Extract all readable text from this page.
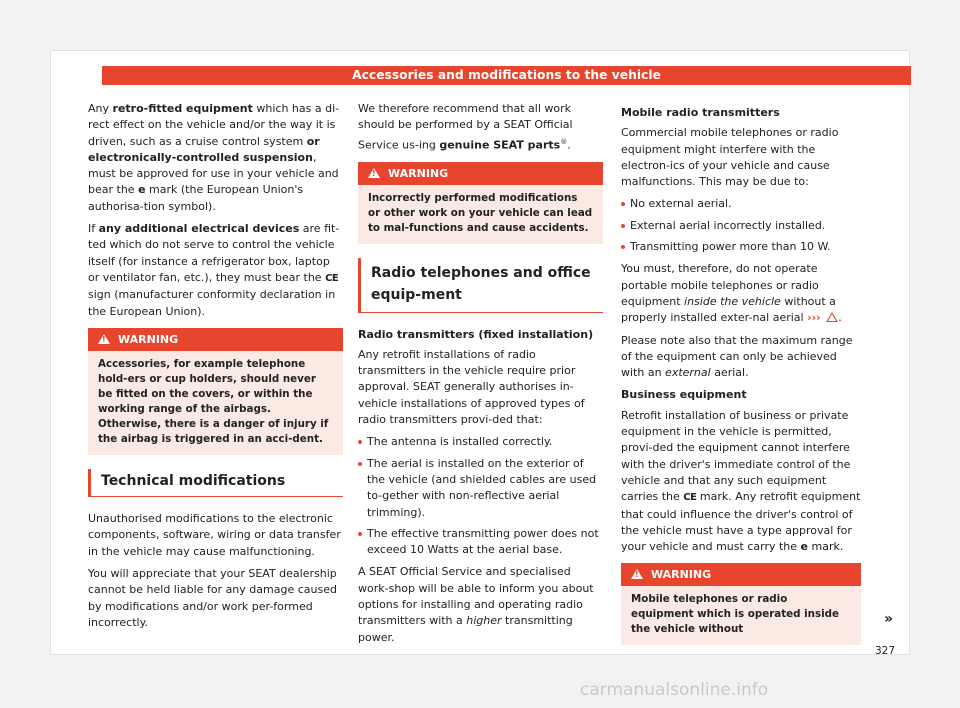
Accessories and modifications to the vehicle

Any retro-fitted equipment which has a di-rect effect on the vehicle and/or the way it is driven, such as a cruise control system or electronically-controlled suspension, must be approved for use in your vehicle and bear the e mark (the European Union's authorisa-tion symbol).

If any additional electrical devices are fit-ted which do not serve to control the vehicle itself (for instance a refrigerator box, laptop or ventilator fan, etc.), they must bear the CE sign (manufacturer conformity declaration in the European Union).

!WARNING
Accessories, for example telephone hold-ers or cup holders, should never be fitted on the covers, or within the working range of the airbags. Otherwise, there is a danger of injury if the airbag is triggered in an acci-dent.
Technical modifications

Unauthorised modifications to the electronic components, software, wiring or data transfer in the vehicle may cause malfunctioning.

You will appreciate that your SEAT dealership cannot be held liable for any damage caused by modifications and/or work per-formed incorrectly.

We therefore recommend that all work should be performed by a SEAT Official Service us-ing genuine SEAT parts®.

!WARNING
Incorrectly performed modifications or other work on your vehicle can lead to mal-functions and cause accidents.
Radio telephones and office equip-ment
Radio transmitters (fixed installation)

Any retrofit installations of radio transmitters in the vehicle require prior approval. SEAT generally authorises in-vehicle installations of approved types of radio transmitters provi-ded that:

The antenna is installed correctly.
The aerial is installed on the exterior of the vehicle (and shielded cables are used to-gether with non-reflective aerial trimming).
The effective transmitting power does not exceed 10 Watts at the aerial base.

A SEAT Official Service and specialised work-shop will be able to inform you about options for installing and operating radio transmitters with a higher transmitting power.

Mobile radio transmitters

Commercial mobile telephones or radio equipment might interfere with the electron-ics of your vehicle and cause malfunctions. This may be due to:

No external aerial.
External aerial incorrectly installed.
Transmitting power more than 10 W.

You must, therefore, do not operate portable mobile telephones or radio equipment inside the vehicle without a properly installed exter-nal aerial ››› .

Please note also that the maximum range of the equipment can only be achieved with an external aerial.

Business equipment

Retrofit installation of business or private equipment in the vehicle is permitted, provi-ded the equipment cannot interfere with the driver's immediate control of the vehicle and that any such equipment carries the CE mark. Any retrofit equipment that could influence the driver's control of the vehicle must have a type approval for your vehicle and must carry the e mark.

!WARNING
Mobile telephones or radio equipment which is operated inside the vehicle without
»
327
carmanualsonline.info
